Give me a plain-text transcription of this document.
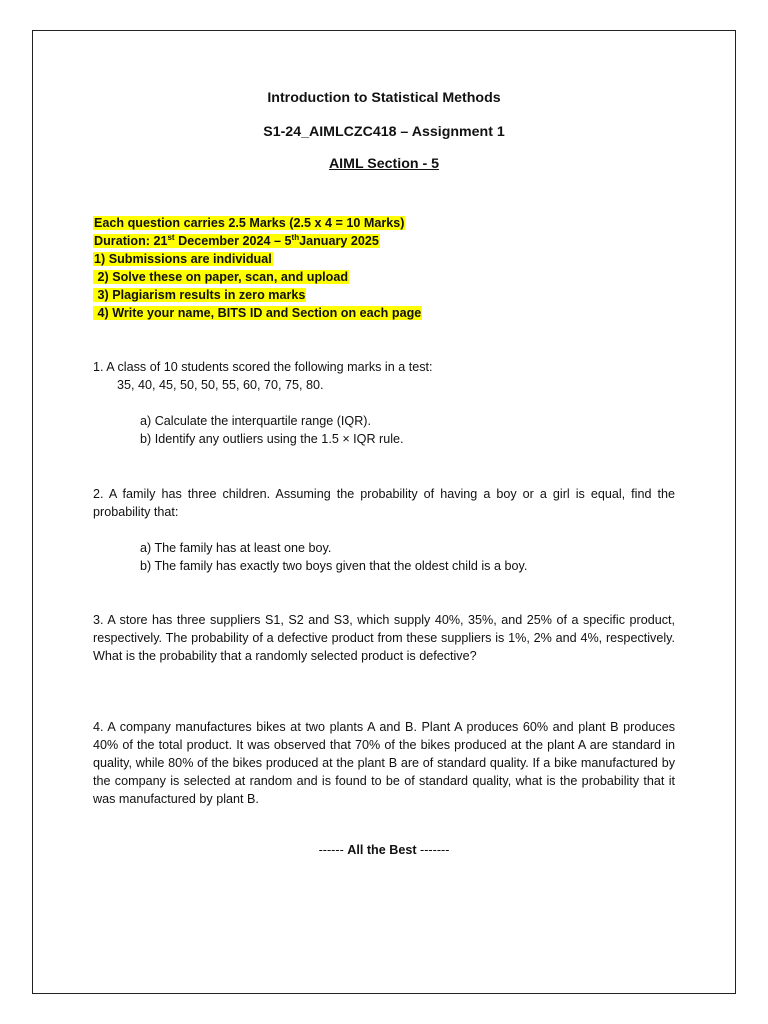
Introduction to Statistical Methods
S1-24_AIMLCZC418 – Assignment 1
AIML Section - 5
Each question carries 2.5 Marks (2.5 x 4 = 10 Marks)
Duration: 21st December 2024 – 5thJanuary 2025
1) Submissions are individual
2) Solve these on paper, scan, and upload
3) Plagiarism results in zero marks
4) Write your name, BITS ID and Section on each page
1. A class of 10 students scored the following marks in a test:
35, 40, 45, 50, 50, 55, 60, 70, 75, 80.
a) Calculate the interquartile range (IQR).
b) Identify any outliers using the 1.5 × IQR rule.
2. A family has three children. Assuming the probability of having a boy or a girl is equal, find the probability that:
a) The family has at least one boy.
b) The family has exactly two boys given that the oldest child is a boy.
3. A store has three suppliers S1, S2 and S3, which supply 40%, 35%, and 25% of a specific product, respectively. The probability of a defective product from these suppliers is 1%, 2% and 4%, respectively. What is the probability that a randomly selected product is defective?
4. A company manufactures bikes at two plants A and B. Plant A produces 60% and plant B produces 40% of the total product. It was observed that 70% of the bikes produced at the plant A are standard in quality, while 80% of the bikes produced at the plant B are of standard quality. If a bike manufactured by the company is selected at random and is found to be of standard quality, what is the probability that it was manufactured by plant B.
------ All the Best -------
